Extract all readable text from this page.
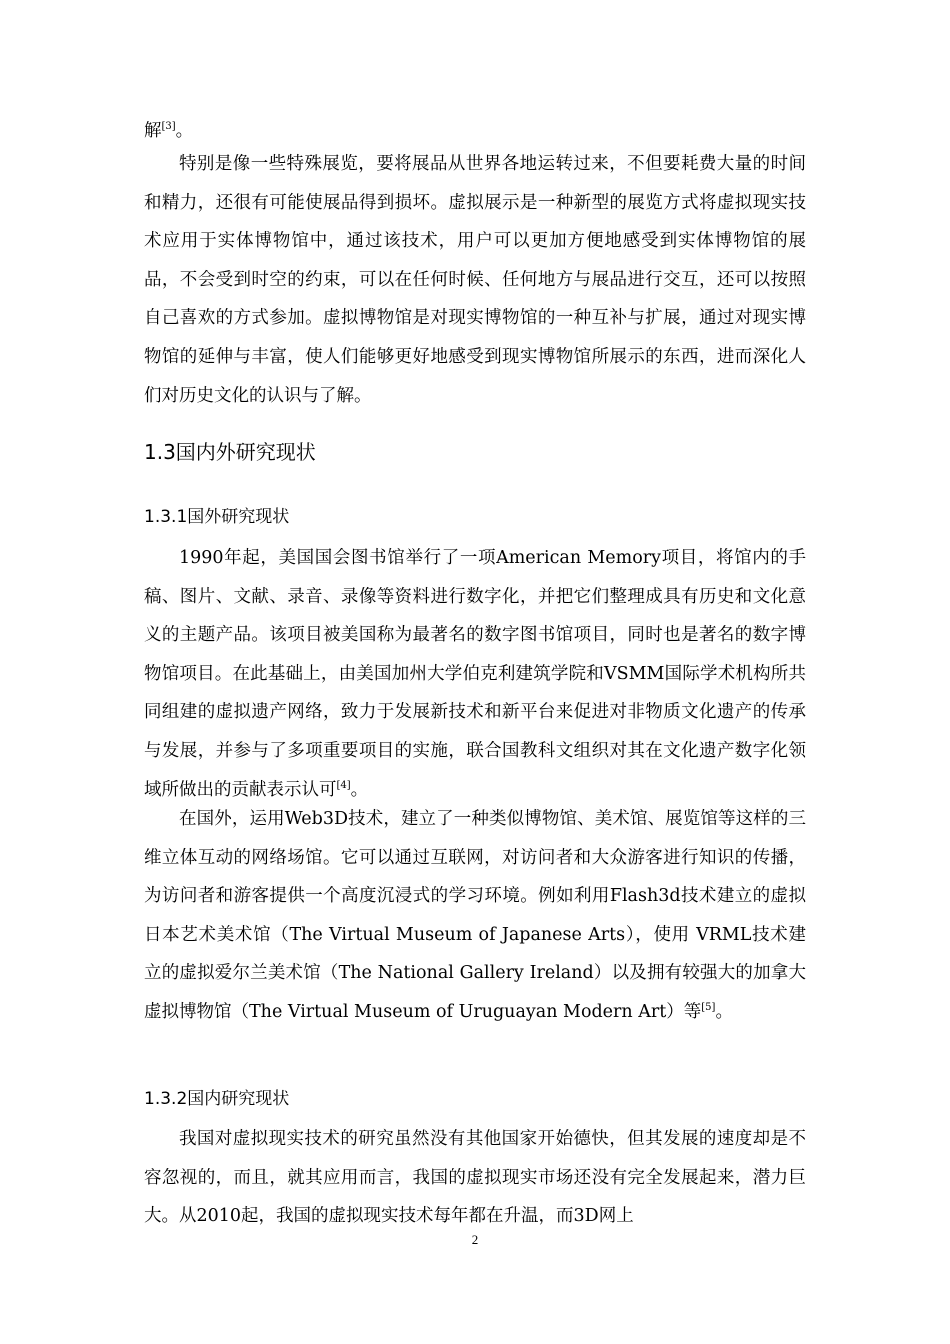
解[3]。

特别是像一些特殊展览，要将展品从世界各地运转过来，不但要耗费大量的时间和精力，还很有可能使展品得到损坏。虚拟展示是一种新型的展览方式将虚拟现实技术应用于实体博物馆中，通过该技术，用户可以更加方便地感受到实体博物馆的展品，不会受到时空的约束，可以在任何时候、任何地方与展品进行交互，还可以按照自己喜欢的方式参加。虚拟博物馆是对现实博物馆的一种互补与扩展，通过对现实博物馆的延伸与丰富，使人们能够更好地感受到现实博物馆所展示的东西，进而深化人们对历史文化的认识与了解。

1.3国内外研究现状
1.3.1国外研究现状

1990年起，美国国会图书馆举行了一项American Memory项目，将馆内的手稿、图片、文献、录音、录像等资料进行数字化，并把它们整理成具有历史和文化意义的主题产品。该项目被美国称为最著名的数字图书馆项目，同时也是著名的数字博物馆项目。在此基础上，由美国加州大学伯克利建筑学院和VSMM国际学术机构所共同组建的虚拟遗产网络，致力于发展新技术和新平台来促进对非物质文化遗产的传承与发展，并参与了多项重要项目的实施，联合国教科文组织对其在文化遗产数字化领域所做出的贡献表示认可[4]。

在国外，运用Web3D技术，建立了一种类似博物馆、美术馆、展览馆等这样的三维立体互动的网络场馆。它可以通过互联网，对访问者和大众游客进行知识的传播，为访问者和游客提供一个高度沉浸式的学习环境。例如利用Flash3d技术建立的虚拟日本艺术美术馆（The Virtual Museum of Japanese Arts），使用 VRML技术建立的虚拟爱尔兰美术馆（The National Gallery Ireland）以及拥有较强大的加拿大虚拟博物馆（The Virtual Museum of Uruguayan Modern Art）等[5]。

1.3.2国内研究现状

我国对虚拟现实技术的研究虽然没有其他国家开始德快，但其发展的速度却是不容忽视的，而且，就其应用而言，我国的虚拟现实市场还没有完全发展起来，潜力巨大。从2010起，我国的虚拟现实技术每年都在升温，而3D网上

2
